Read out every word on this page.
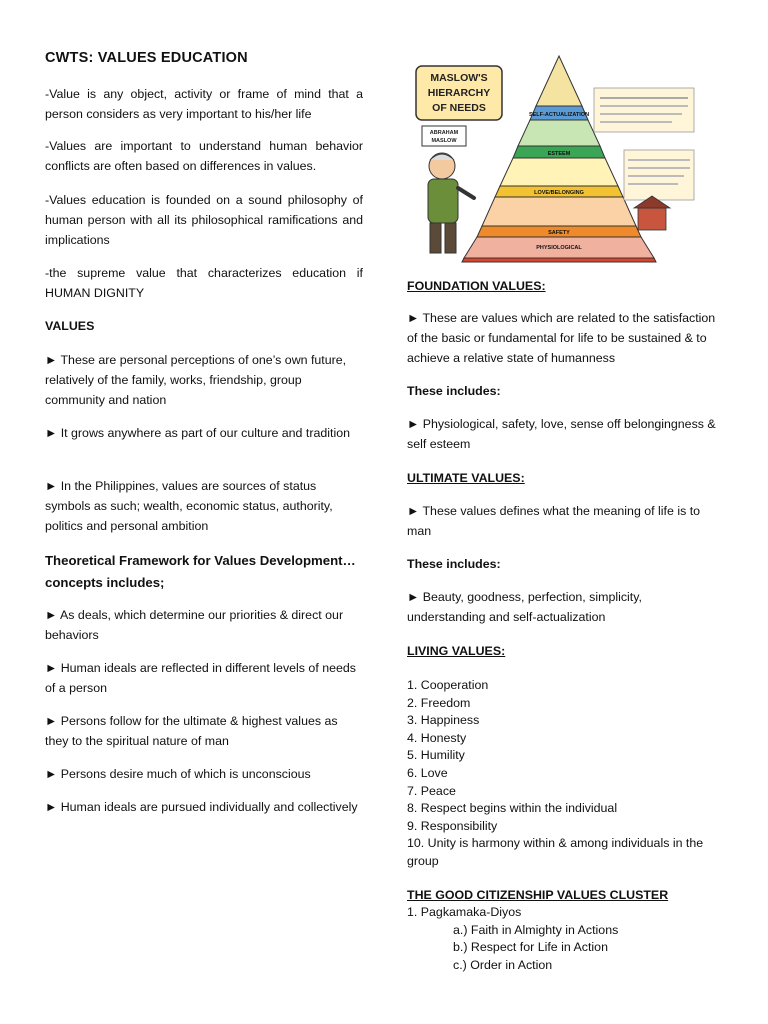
CWTS: VALUES EDUCATION

-Value is any object, activity or frame of mind that a person considers as very important to his/her life

-Values are important to understand human behavior conflicts are often based on differences in values.

-Values education is founded on a sound philosophy of human person with all its philosophical ramifications and implications

-the supreme value that characterizes education if HUMAN DIGNITY

VALUES

► These are personal perceptions of one’s own future, relatively of the family, works, friendship, group community and nation

► It grows anywhere as part of our culture and tradition

► In the Philippines, values are sources of status symbols as such; wealth, economic status, authority, politics and personal ambition

Theoretical Framework for Values Development…concepts includes;

► As deals, which determine our priorities & direct our behaviors

► Human ideals are reflected in different levels of needs of a person

► Persons follow for the ultimate & highest values as they to the spiritual nature of man

► Persons desire much of which is unconscious

► Human ideals are pursued individually and collectively

MASLOW'S
HIERARCHY
OF NEEDS
ABRAHAM
MASLOW
SELF-ACTUALIZATION
ESTEEM
LOVE/BELONGING
SAFETY
PHYSIOLOGICAL

FOUNDATION VALUES:

► These are values which are related to the satisfaction of the basic or fundamental for life to be sustained & to achieve a relative state of humanness

These includes:

► Physiological, safety, love, sense off belongingness & self esteem

ULTIMATE VALUES:

► These values defines what the meaning of life is to man

These includes:

► Beauty, goodness, perfection, simplicity, understanding and self-actualization

LIVING VALUES:

1. Cooperation

2. Freedom

3. Happiness

4. Honesty

5. Humility

6. Love

7. Peace

8. Respect begins within the individual

9. Responsibility

10. Unity is harmony within & among individuals in the group

THE GOOD CITIZENSHIP VALUES CLUSTER

1. Pagkamaka-Diyos

a.) Faith in Almighty in Actions

b.) Respect for Life in Action

c.) Order in Action
